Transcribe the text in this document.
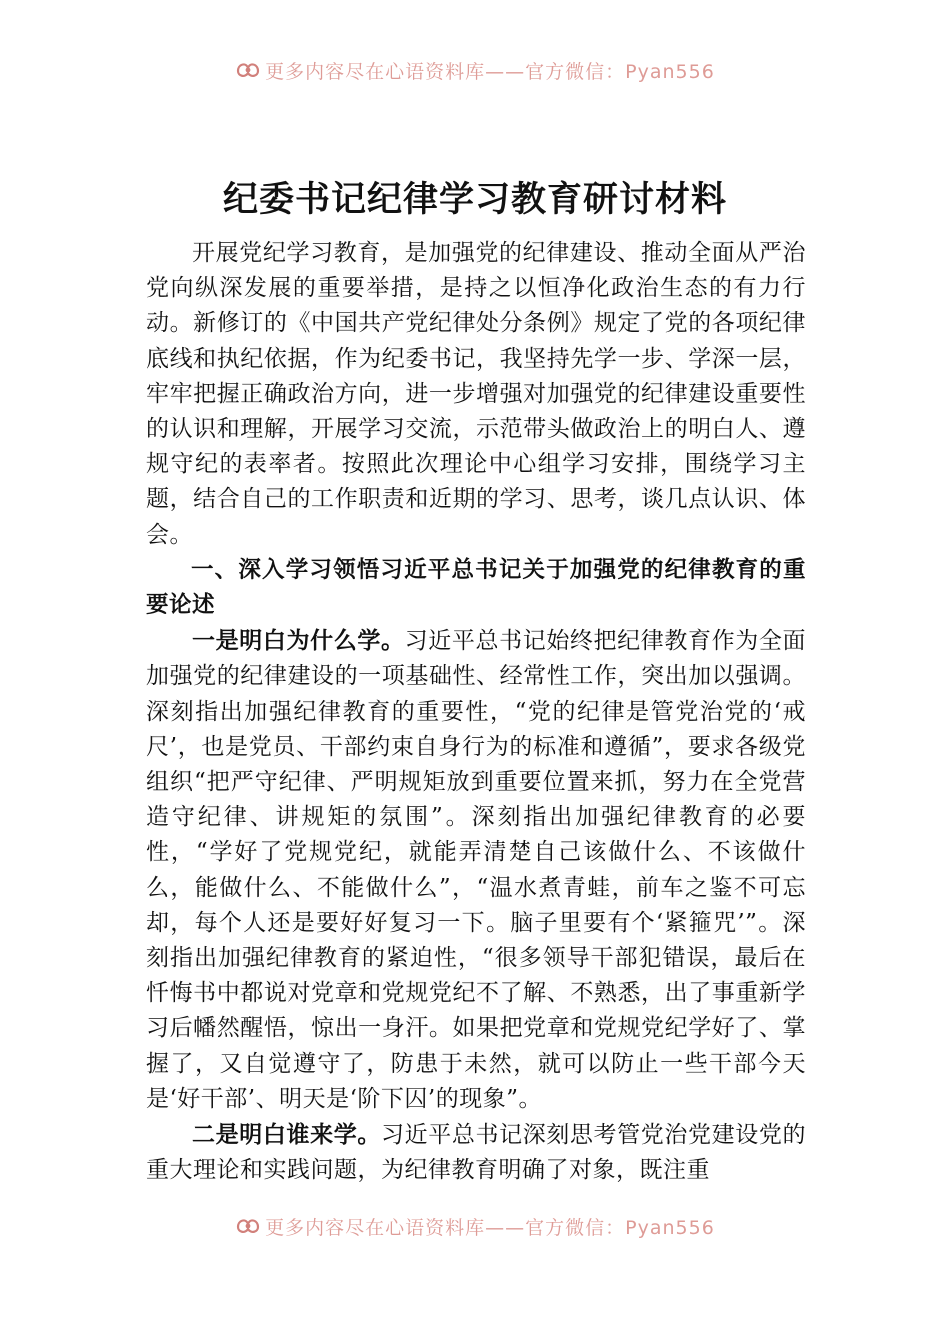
更多内容尽在心语资料库——官方微信：Pyan556
纪委书记纪律学习教育研讨材料

开展党纪学习教育，是加强党的纪律建设、推动全面从严治党向纵深发展的重要举措，是持之以恒净化政治生态的有力行动。新修订的《中国共产党纪律处分条例》规定了党的各项纪律底线和执纪依据，作为纪委书记，我坚持先学一步、学深一层，牢牢把握正确政治方向，进一步增强对加强党的纪律建设重要性的认识和理解，开展学习交流，示范带头做政治上的明白人、遵规守纪的表率者。按照此次理论中心组学习安排，围绕学习主题，结合自己的工作职责和近期的学习、思考，谈几点认识、体会。

一、深入学习领悟习近平总书记关于加强党的纪律教育的重要论述

一是明白为什么学。习近平总书记始终把纪律教育作为全面加强党的纪律建设的一项基础性、经常性工作，突出加以强调。深刻指出加强纪律教育的重要性，“党的纪律是管党治党的‘戒尺’，也是党员、干部约束自身行为的标准和遵循”，要求各级党组织“把严守纪律、严明规矩放到重要位置来抓，努力在全党营造守纪律、讲规矩的氛围”。深刻指出加强纪律教育的必要性，“学好了党规党纪，就能弄清楚自己该做什么、不该做什么，能做什么、不能做什么”，“温水煮青蛙，前车之鉴不可忘却，每个人还是要好好复习一下。脑子里要有个‘紧箍咒’”。深刻指出加强纪律教育的紧迫性，“很多领导干部犯错误，最后在忏悔书中都说对党章和党规党纪不了解、不熟悉，出了事重新学习后幡然醒悟，惊出一身汗。如果把党章和党规党纪学好了、掌握了，又自觉遵守了，防患于未然，就可以防止一些干部今天是‘好干部’、明天是‘阶下囚’的现象”。

二是明白谁来学。习近平总书记深刻思考管党治党建设党的重大理论和实践问题，为纪律教育明确了对象，既注重

更多内容尽在心语资料库——官方微信：Pyan556
